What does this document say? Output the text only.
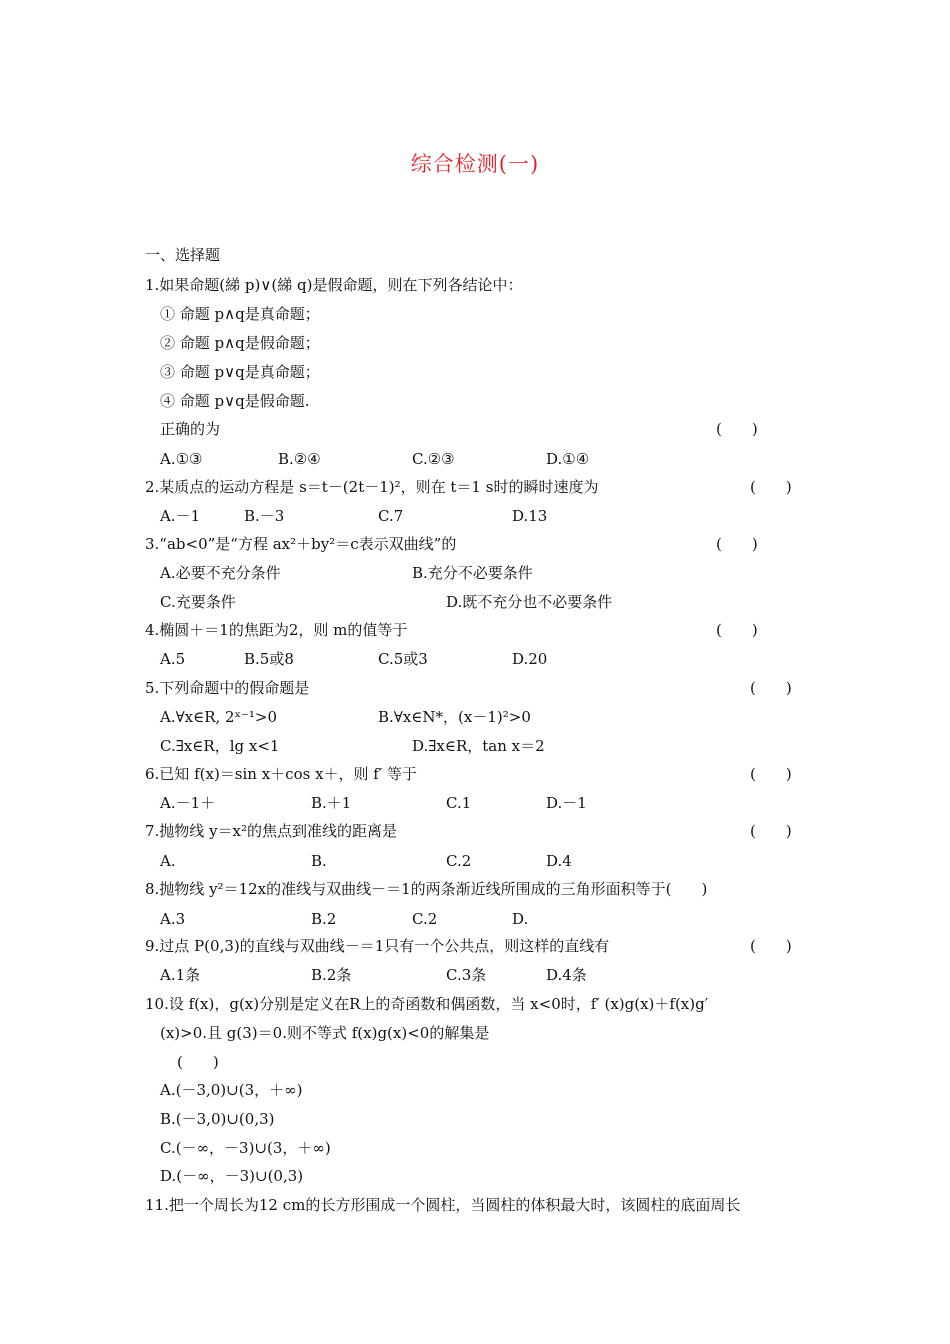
综合检测(一)
一、选择题
1.如果命题(綈 p)∨(綈 q)是假命题，则在下列各结论中：
① 命题 p∧q是真命题；
② 命题 p∧q是假命题；
③ 命题 p∨q是真命题；
④ 命题 p∨q是假命题.
正确的为	(　　)
A.①③	B.②④	C.②③	D.①④
2.某质点的运动方程是 s＝t－(2t－1)²，则在 t＝1 s时的瞬时速度为	(　　)
A.－1	B.－3	C.7	D.13
3.“ab<0”是“方程 ax²＋by²＝c表示双曲线”的	(　　)
A.必要不充分条件	B.充分不必要条件
C.充要条件	D.既不充分也不必要条件
4.椭圆＋＝1的焦距为2，则 m的值等于	(　　)
A.5	B.5或8	C.5或3	D.20
5.下列命题中的假命题是	(　　)
A.∀x∈R, 2ˣ⁻¹>0	B.∀x∈N*，(x－1)²>0
C.∃x∈R，lg x<1	D.∃x∈R，tan x＝2
6.已知 f(x)＝sin x＋cos x＋，则 f′ 等于	(　　)
A.－1＋	B.＋1	C.1	D.－1
7.抛物线 y＝x²的焦点到准线的距离是	(　　)
A.	B.	C.2	D.4
8.抛物线 y²＝12x的准线与双曲线－＝1的两条渐近线所围成的三角形面积等于(　　)
A.3	B.2	C.2	D.
9.过点 P(0,3)的直线与双曲线－＝1只有一个公共点，则这样的直线有	(　　)
A.1条	B.2条	C.3条	D.4条
10.设 f(x)，g(x)分别是定义在R上的奇函数和偶函数，当 x<0时，f′ (x)g(x)＋f(x)g′
(x)>0.且 g(3)＝0.则不等式 f(x)g(x)<0的解集是
(　　)
A.(－3,0)∪(3，＋∞)
B.(－3,0)∪(0,3)
C.(－∞，－3)∪(3，＋∞)
D.(－∞，－3)∪(0,3)
11.把一个周长为12 cm的长方形围成一个圆柱，当圆柱的体积最大时，该圆柱的底面周长
